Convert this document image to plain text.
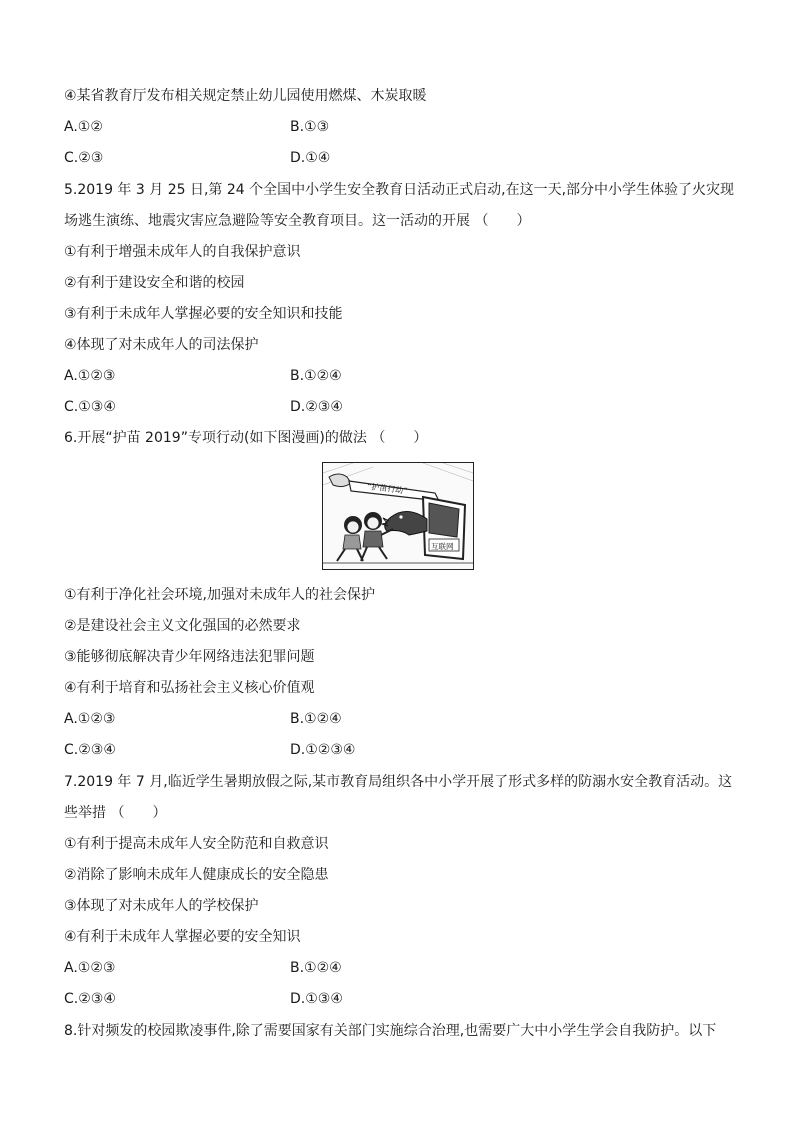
④某省教育厅发布相关规定禁止幼儿园使用燃煤、木炭取暖
A.①②	B.①③
C.②③	D.①④
5.2019 年 3 月 25 日,第 24 个全国中小学生安全教育日活动正式启动,在这一天,部分中小学生体验了火灾现
场逃生演练、地震灾害应急避险等安全教育项目。这一活动的开展 （　　）
①有利于增强未成年人的自我保护意识
②有利于建设安全和谐的校园
③有利于未成年人掌握必要的安全知识和技能
④体现了对未成年人的司法保护
A.①②③	B.①②④
C.①③④	D.②③④
6.开展“护苗 2019”专项行动(如下图漫画)的做法 （　　）
“护苗行动”
互联网
①有利于净化社会环境,加强对未成年人的社会保护
②是建设社会主义文化强国的必然要求
③能够彻底解决青少年网络违法犯罪问题
④有利于培育和弘扬社会主义核心价值观
A.①②③	B.①②④
C.②③④	D.①②③④
7.2019 年 7 月,临近学生暑期放假之际,某市教育局组织各中小学开展了形式多样的防溺水安全教育活动。这
些举措 （　　）
①有利于提高未成年人安全防范和自救意识
②消除了影响未成年人健康成长的安全隐患
③体现了对未成年人的学校保护
④有利于未成年人掌握必要的安全知识
A.①②③	B.①②④
C.②③④	D.①③④
8.针对频发的校园欺凌事件,除了需要国家有关部门实施综合治理,也需要广大中小学生学会自我防护。以下
